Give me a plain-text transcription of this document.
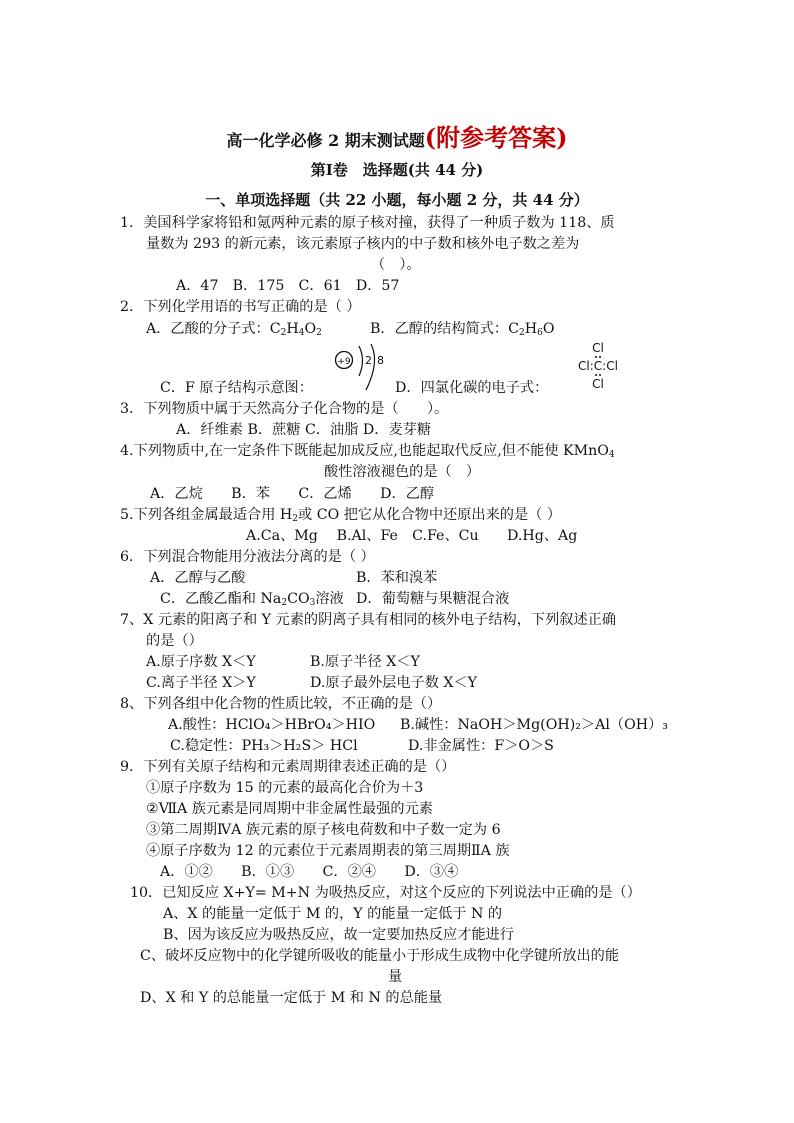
高一化学必修 2 期末测试题(附参考答案)
第Ⅰ卷　选择题(共 44 分)
一、单项选择题（共 22 小题，每小题 2 分，共 44 分）
1．美国科学家将铅和氪两种元素的原子核对撞，获得了一种质子数为 118、质
量数为 293 的新元素，该元素原子核内的中子数和核外电子数之差为
（　）。
A．47　B．175　C．61　D．57
2．下列化学用语的书写正确的是（ ）
A．乙酸的分子式：$C_2H_4O_2$	B．乙醇的结构简式：$C_2H_6O$
+9 2 8
Cl
Cl:C:Cl
Cl
C．F 原子结构示意图：	D．四氯化碳的电子式：
3．下列物质中属于天然高分子化合物的是（　　）。
A．纤维素 B．蔗糖 C．油脂 D．麦芽糖
4.下列物质中,在一定条件下既能起加成反应,也能起取代反应,但不能使 KMnO$_4$
酸性溶液褪色的是（　）
A．乙烷　　B．苯　　C．乙烯　　D．乙醇
5.下列各组金属最适合用 $H_2$或 CO 把它从化合物中还原出来的是（ ）
A.Ca、Mg　 B.Al、Fe　C.Fe、Cu　　D.Hg、Ag
6．下列混合物能用分液法分离的是（ ）
A．乙醇与乙酸	B．苯和溴苯
C．乙酸乙酯和 $Na_2CO_3$溶液 D．葡萄糖与果糖混合液
7、X 元素的阳离子和 Y 元素的阴离子具有相同的核外电子结构，下列叙述正确
的是（）
A.原子序数 X＜Y	B.原子半径 X＜Y
C.离子半径 X＞Y	D.原子最外层电子数 X＜Y
8、下列各组中化合物的性质比较，不正确的是（）
A.酸性：HClO₄＞HBrO₄＞HIO B.碱性：NaOH＞Mg(OH)₂＞Al（OH）₃
C.稳定性：PH₃＞H₂S＞ HCl	D.非金属性：F＞O＞S
9．下列有关原子结构和元素周期律表述正确的是（）
①原子序数为 15 的元素的最高化合价为＋3
②ⅦA 族元素是同周期中非金属性最强的元素
③第二周期ⅣA 族元素的原子核电荷数和中子数一定为 6
④原子序数为 12 的元素位于元素周期表的第三周期ⅡA 族
A．①②　　B．①③　　C．②④　　D．③④
10．已知反应 X+Y= M+N 为吸热反应，对这个反应的下列说法中正确的是（）
A、X 的能量一定低于 M 的，Y 的能量一定低于 N 的
B、因为该反应为吸热反应，故一定要加热反应才能进行
C、破坏反应物中的化学键所吸收的能量小于形成生成物中化学键所放出的能
量
D、X 和 Y 的总能量一定低于 M 和 N 的总能量
